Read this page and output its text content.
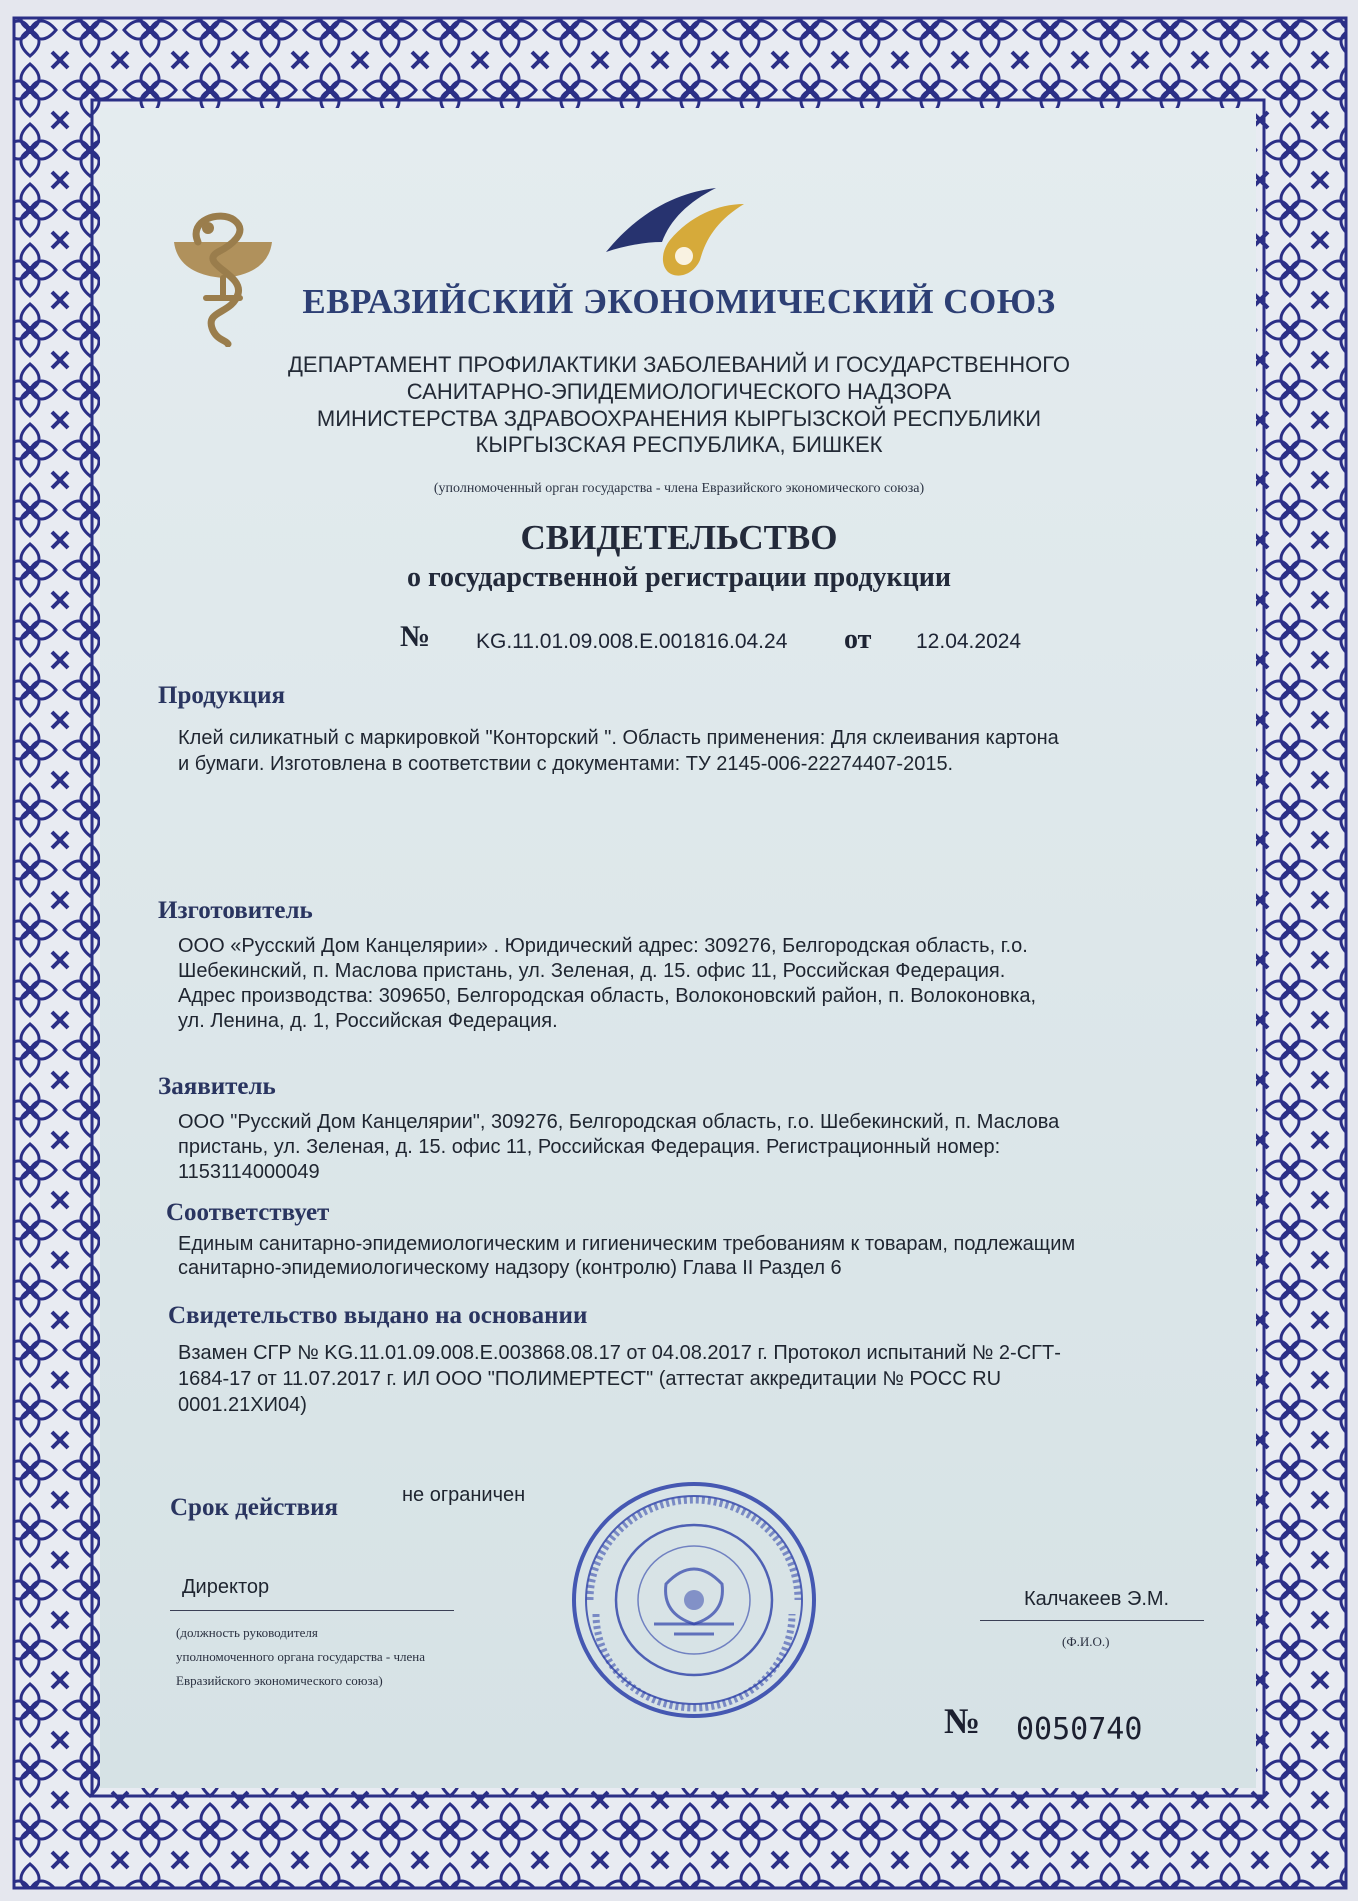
ЕВРАЗИЙСКИЙ ЭКОНОМИЧЕСКИЙ СОЮЗ

ДЕПАРТАМЕНТ ПРОФИЛАКТИКИ ЗАБОЛЕВАНИЙ И ГОСУДАРСТВЕННОГО

САНИТАРНО-ЭПИДЕМИОЛОГИЧЕСКОГО НАДЗОРА

МИНИСТЕРСТВА ЗДРАВООХРАНЕНИЯ КЫРГЫЗСКОЙ РЕСПУБЛИКИ

КЫРГЫЗСКАЯ РЕСПУБЛИКА, БИШКЕК

(уполномоченный орган государства - члена Евразийского экономического союза)

СВИДЕТЕЛЬСТВО

о государственной регистрации продукции

№ KG.11.01.09.008.Е.001816.04.24 от 12.04.2024

Продукция

Клей силикатный с маркировкой "Конторский ". Область применения: Для склеивания картона

и бумаги. Изготовлена в соответствии с документами: ТУ 2145-006-22274407-2015.

Изготовитель

ООО «Русский Дом Канцелярии» . Юридический адрес: 309276, Белгородская область, г.о.

Шебекинский, п. Маслова пристань, ул. Зеленая, д. 15. офис 11, Российская Федерация.

Адрес производства: 309650, Белгородская область, Волоконовский район, п. Волоконовка,

ул. Ленина, д. 1, Российская Федерация.

Заявитель

ООО "Русский Дом Канцелярии", 309276, Белгородская область, г.о. Шебекинский, п. Маслова

пристань, ул. Зеленая, д. 15. офис 11, Российская Федерация. Регистрационный номер:

1153114000049

Соответствует

Единым санитарно-эпидемиологическим и гигиеническим требованиям к товарам, подлежащим

санитарно-эпидемиологическому надзору (контролю) Глава II Раздел 6

Свидетельство выдано на основании

Взамен СГР № KG.11.01.09.008.Е.003868.08.17 от 04.08.2017 г. Протокол испытаний № 2-СГТ-

1684-17 от 11.07.2017 г. ИЛ ООО "ПОЛИМЕРТЕСТ" (аттестат аккредитации № РОСС RU

0001.21ХИ04)

Срок действия	не ограничен

Директор

(должность руководителя

уполномоченного органа государства - члена

Евразийского экономического союза)

Калчакеев Э.М.

(Ф.И.О.)

№ 0050740
